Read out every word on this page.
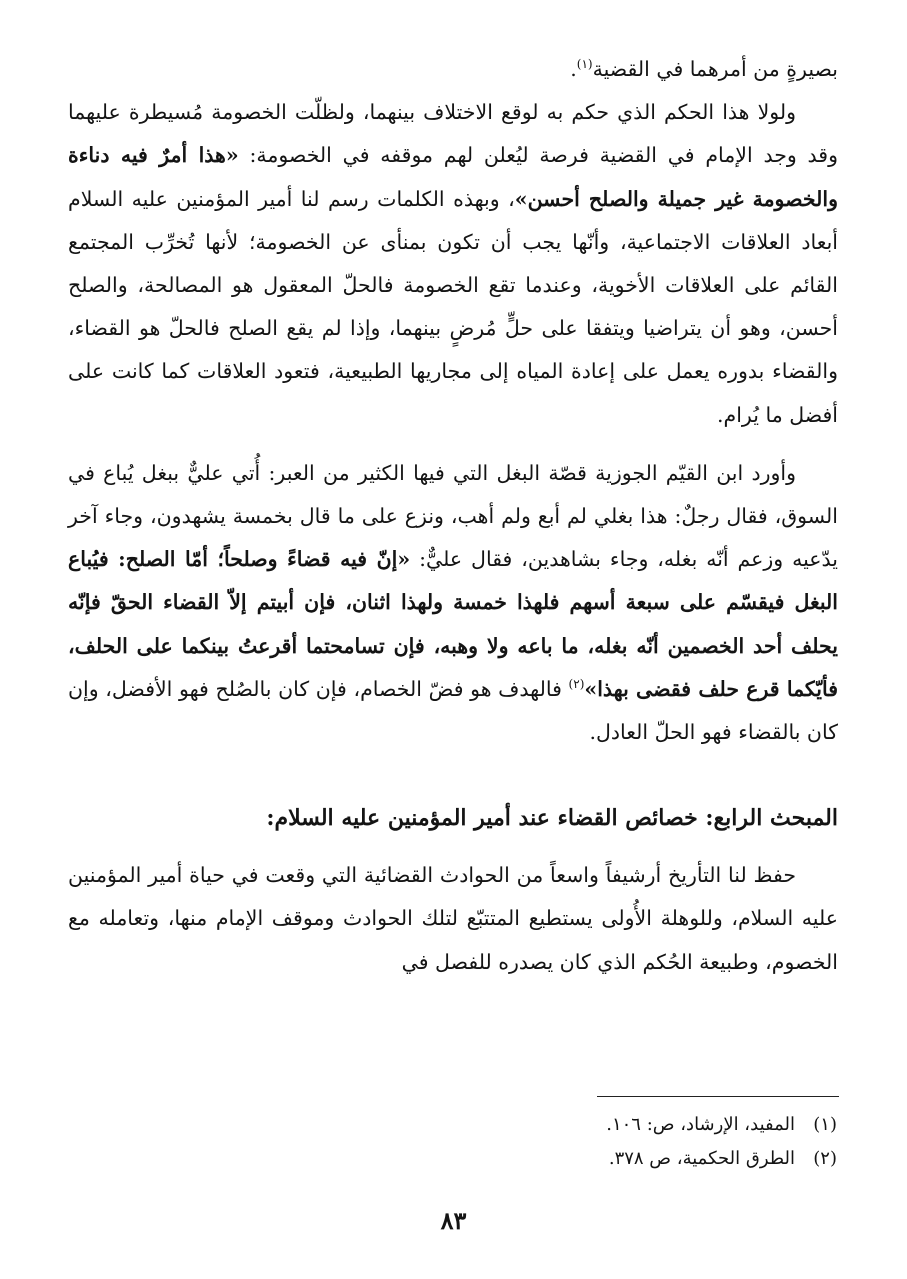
بصيرةٍ من أمرهما في القضية$^{(١)}$.

ولولا هذا الحكم الذي حكم به لوقع الاختلاف بينهما، ولظلّت الخصومة مُسيطرة عليهما وقد وجد الإمام في القضية فرصة ليُعلن لهم موقفه في الخصومة: «هذا أمرٌ فيه دناءة والخصومة غير جميلة والصلح أحسن»، وبهذه الكلمات رسم لنا أمير المؤمنين عليه السلام أبعاد العلاقات الاجتماعية، وأنّها يجب أن تكون بمنأى عن الخصومة؛ لأنها تُخرِّب المجتمع القائم على العلاقات الأخوية، وعندما تقع الخصومة فالحلّ المعقول هو المصالحة، والصلح أحسن، وهو أن يتراضيا ويتفقا على حلٍّ مُرضٍ بينهما، وإذا لم يقع الصلح فالحلّ هو القضاء، والقضاء بدوره يعمل على إعادة المياه إلى مجاريها الطبيعية، فتعود العلاقات كما كانت على أفضل ما يُرام.

وأورد ابن القيّم الجوزية قصّة البغل التي فيها الكثير من العبر: أُتي عليٌّ ببغل يُباع في السوق، فقال رجلٌ: هذا بغلي لم أبع ولم أهب، ونزع على ما قال بخمسة يشهدون، وجاء آخر يدّعيه وزعم أنّه بغله، وجاء بشاهدين، فقال عليٌّ: «إنّ فيه قضاءً وصلحاً؛ أمّا الصلح: فيُباع البغل فيقسّم على سبعة أسهم فلهذا خمسة ولهذا اثنان، فإن أبيتم إلاّ القضاء الحقّ فإنّه يحلف أحد الخصمين أنّه بغله، ما باعه ولا وهبه، فإن تسامحتما أقرعتُ بينكما على الحلف، فأيّكما قرع حلف فقضى بهذا»$^{(٢)}$ فالهدف هو فضّ الخصام، فإن كان بالصُلح فهو الأفضل، وإن كان بالقضاء فهو الحلّ العادل.

المبحث الرابع: خصائص القضاء عند أمير المؤمنين عليه السلام:

حفظ لنا التأريخ أرشيفاً واسعاً من الحوادث القضائية التي وقعت في حياة أمير المؤمنين عليه السلام، وللوهلة الأُولى يستطيع المتتبّع لتلك الحوادث وموقف الإمام منها، وتعامله مع الخصوم، وطبيعة الحُكم الذي كان يصدره للفصل في

(١)المفيد، الإرشاد، ص: ١٠٦.

(٢)الطرق الحكمية، ص ٣٧٨.

٨٣
